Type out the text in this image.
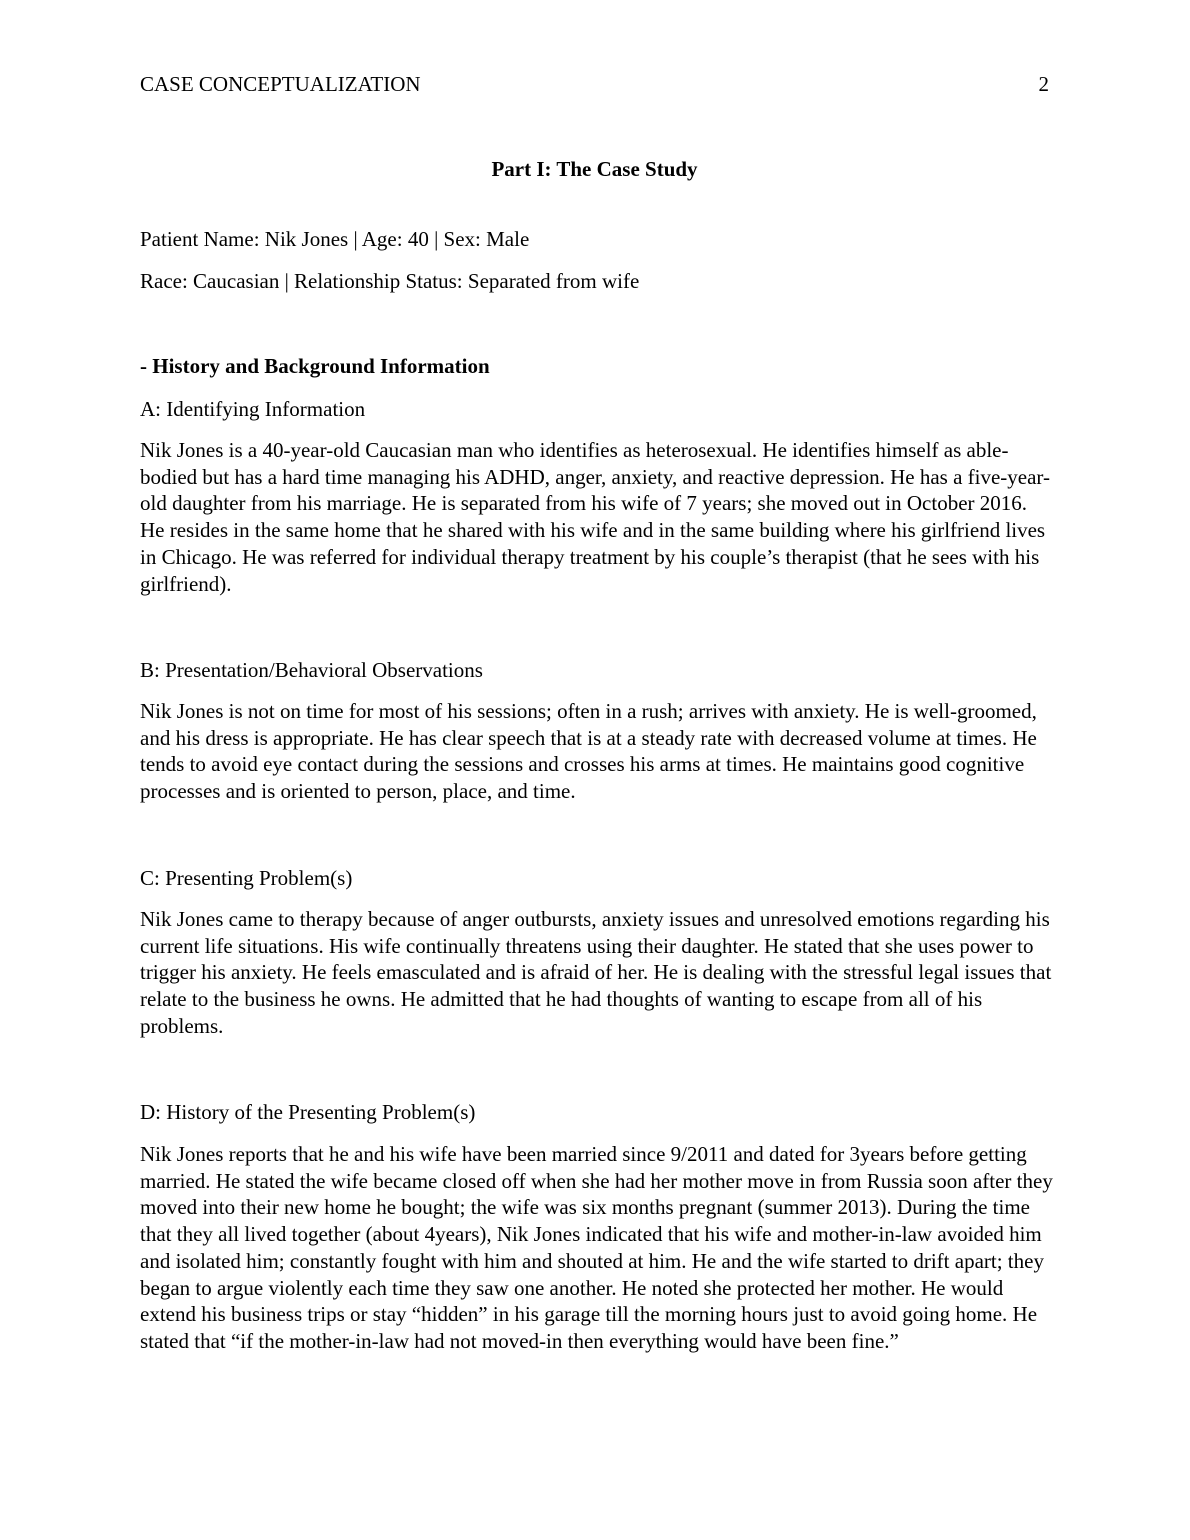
CASE CONCEPTUALIZATION	2
Part I: The Case Study
Patient Name: Nik Jones | Age: 40 | Sex: Male
Race: Caucasian | Relationship Status: Separated from wife
- History and Background Information
A: Identifying Information

Nik Jones is a 40-year-old Caucasian man who identifies as heterosexual. He identifies himself as able-bodied but has a hard time managing his ADHD, anger, anxiety, and reactive depression. He has a five-year-old daughter from his marriage. He is separated from his wife of 7 years; she moved out in October 2016. He resides in the same home that he shared with his wife and in the same building where his girlfriend lives in Chicago. He was referred for individual therapy treatment by his couple’s therapist (that he sees with his girlfriend).

B: Presentation/Behavioral Observations

Nik Jones is not on time for most of his sessions; often in a rush; arrives with anxiety. He is well-groomed, and his dress is appropriate. He has clear speech that is at a steady rate with decreased volume at times. He tends to avoid eye contact during the sessions and crosses his arms at times. He maintains good cognitive processes and is oriented to person, place, and time.

C: Presenting Problem(s)

Nik Jones came to therapy because of anger outbursts, anxiety issues and unresolved emotions regarding his current life situations. His wife continually threatens using their daughter. He stated that she uses power to trigger his anxiety. He feels emasculated and is afraid of her. He is dealing with the stressful legal issues that relate to the business he owns. He admitted that he had thoughts of wanting to escape from all of his problems.

D: History of the Presenting Problem(s)

Nik Jones reports that he and his wife have been married since 9/2011 and dated for 3years before getting married. He stated the wife became closed off when she had her mother move in from Russia soon after they moved into their new home he bought; the wife was six months pregnant (summer 2013). During the time that they all lived together (about 4years), Nik Jones indicated that his wife and mother-in-law avoided him and isolated him; constantly fought with him and shouted at him. He and the wife started to drift apart; they began to argue violently each time they saw one another. He noted she protected her mother. He would extend his business trips or stay “hidden” in his garage till the morning hours just to avoid going home. He stated that “if the mother-in-law had not moved-in then everything would have been fine.”
